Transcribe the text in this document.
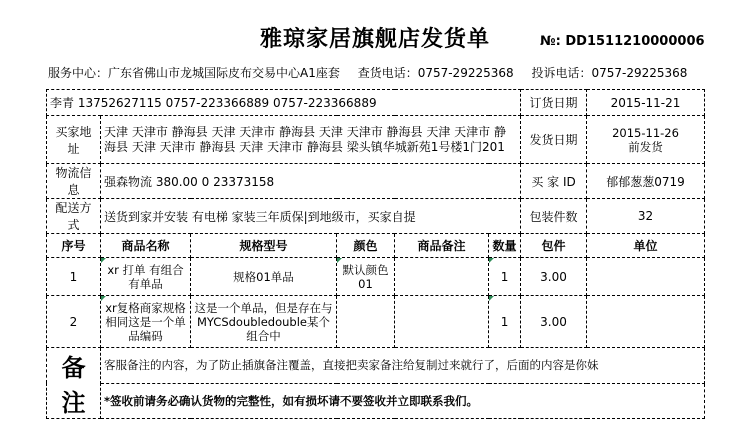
雅琼家居旗舰店发货单	№: DD1511210000006
服务中心：广东省佛山市龙城国际皮布交易中心A1座套 查货电话：0757-29225368 投诉电话：0757-29225368
李青 13752627115 0757-223366889 0757-223366889						订货日期	2015-11-21
买家地址	天津 天津市 静海县 天津 天津市 静海县 天津 天津市 静海县 天津 天津市 静海县 天津 天津市 静海县 天津 天津市 静海县 梁头镇华城新苑1号楼1门201					发货日期	2015-11-26
前发货

物流信息	强森物流 380.00 0 23373158					买 家 ID	郁郁葱葱0719
配送方式	送货到家并安装 有电梯 家装三年质保|到地级市，买家自提					包装件数	32
序号	商品名称	规格型号	颜色	商品备注	数量	包件	单位
1	xr 打单 有组合有单品	规格01单品	默认颜色01		1	3.00	
2	xr复格商家规格相同这是一个单品编码	这是一个单品，但是存在与MYCSdoubledouble某个组合中			1	3.00	
备注	客服备注的内容，为了防止插旗备注覆盖，直接把卖家备注给复制过来就行了，后面的内容是你妹						
	*签收前请务必确认货物的完整性，如有损坏请不要签收并立即联系我们。						
